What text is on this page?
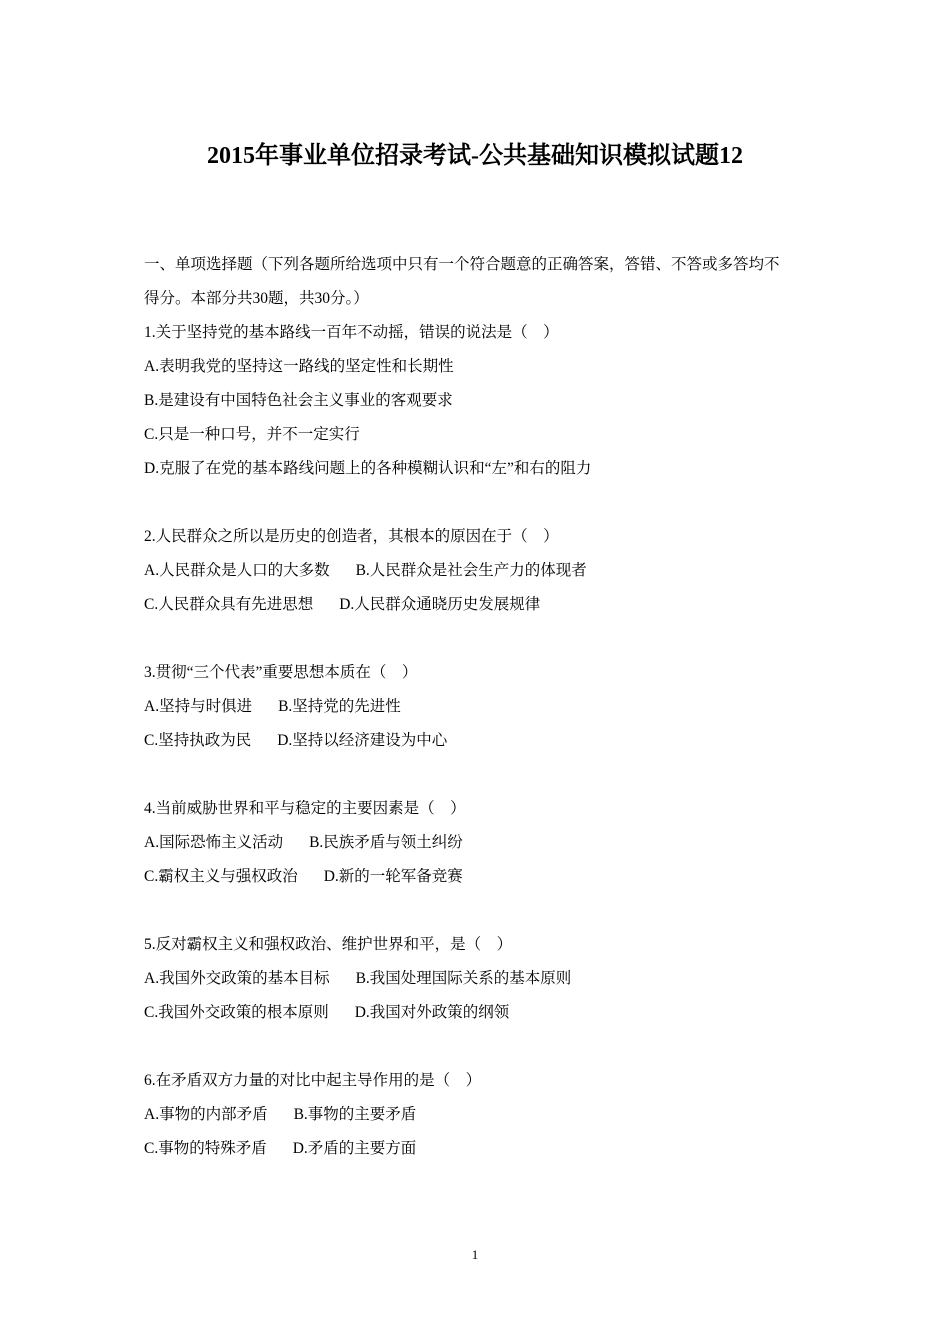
2015年事业单位招录考试-公共基础知识模拟试题12
一、单项选择题（下列各题所给选项中只有一个符合题意的正确答案，答错、不答或多答均不
得分。本部分共30题，共30分。）
1.关于坚持党的基本路线一百年不动摇，错误的说法是（　）
A.表明我党的坚持这一路线的坚定性和长期性
B.是建设有中国特色社会主义事业的客观要求
C.只是一种口号，并不一定实行
D.克服了在党的基本路线问题上的各种模糊认识和“左”和右的阻力
2.人民群众之所以是历史的创造者，其根本的原因在于（　）
A.人民群众是人口的大多数 B.人民群众是社会生产力的体现者
C.人民群众具有先进思想 D.人民群众通晓历史发展规律
3.贯彻“三个代表”重要思想本质在（　）
A.坚持与时俱进 B.坚持党的先进性
C.坚持执政为民 D.坚持以经济建设为中心
4.当前威胁世界和平与稳定的主要因素是（　）
A.国际恐怖主义活动 B.民族矛盾与领土纠纷
C.霸权主义与强权政治 D.新的一轮军备竞赛
5.反对霸权主义和强权政治、维护世界和平，是（　）
A.我国外交政策的基本目标 B.我国处理国际关系的基本原则
C.我国外交政策的根本原则 D.我国对外政策的纲领
6.在矛盾双方力量的对比中起主导作用的是（　）
A.事物的内部矛盾 B.事物的主要矛盾
C.事物的特殊矛盾 D.矛盾的主要方面
1
